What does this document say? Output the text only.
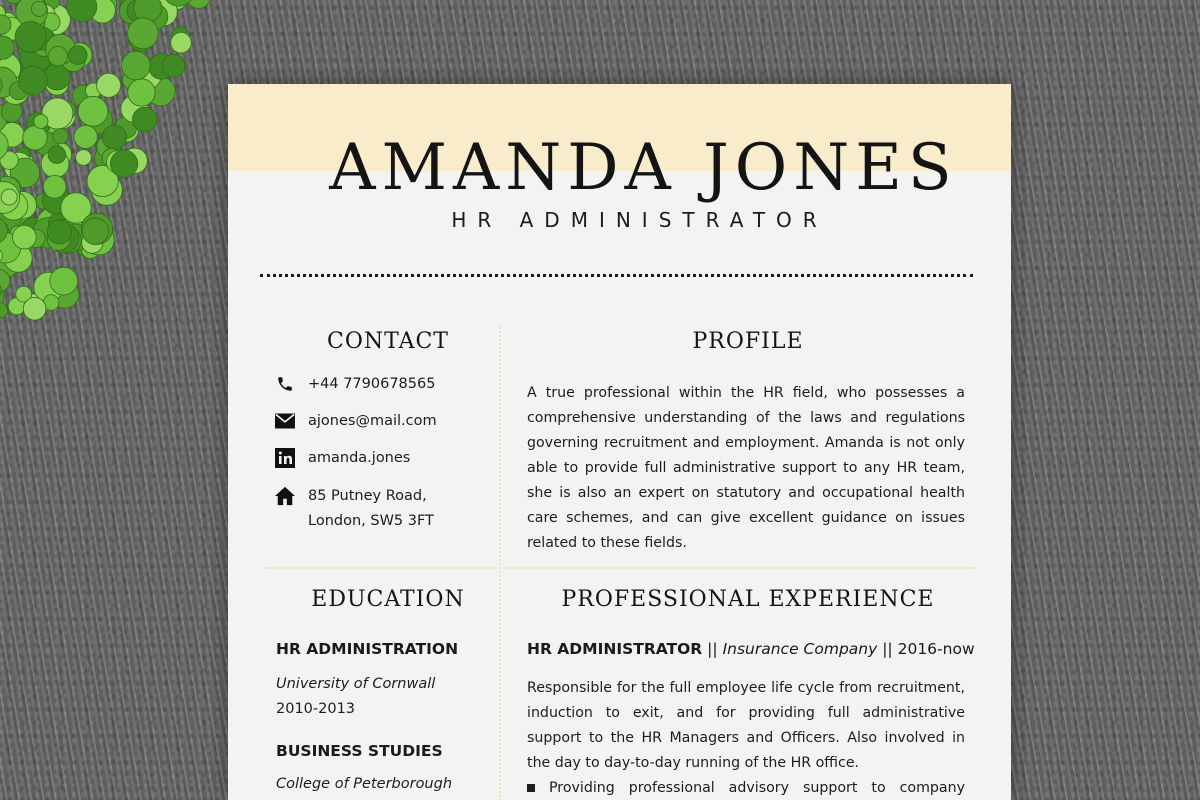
AMANDA JONES
HR ADMINISTRATOR
CONTACT
+44 7790678565
ajones@mail.com
amanda.jones
85 Putney Road, London, SW5 3FT
PROFILE
A true professional within the HR field, who possesses a comprehensive understanding of the laws and regulations governing recruitment and employment. Amanda is not only able to provide full administrative support to any HR team, she is also an expert on statutory and occupational health care schemes, and can give excellent guidance on issues related to these fields.
EDUCATION
HR ADMINISTRATION
University of Cornwall
2010-2013
BUSINESS STUDIES
College of Peterborough
PROFESSIONAL EXPERIENCE
HR ADMINISTRATOR || Insurance Company || 2016-now
Responsible for the full employee life cycle from recruitment, induction to exit, and for providing full administrative support to the HR Managers and Officers. Also involved in the day to day-to-day running of the HR office.
Providing professional advisory support to company
